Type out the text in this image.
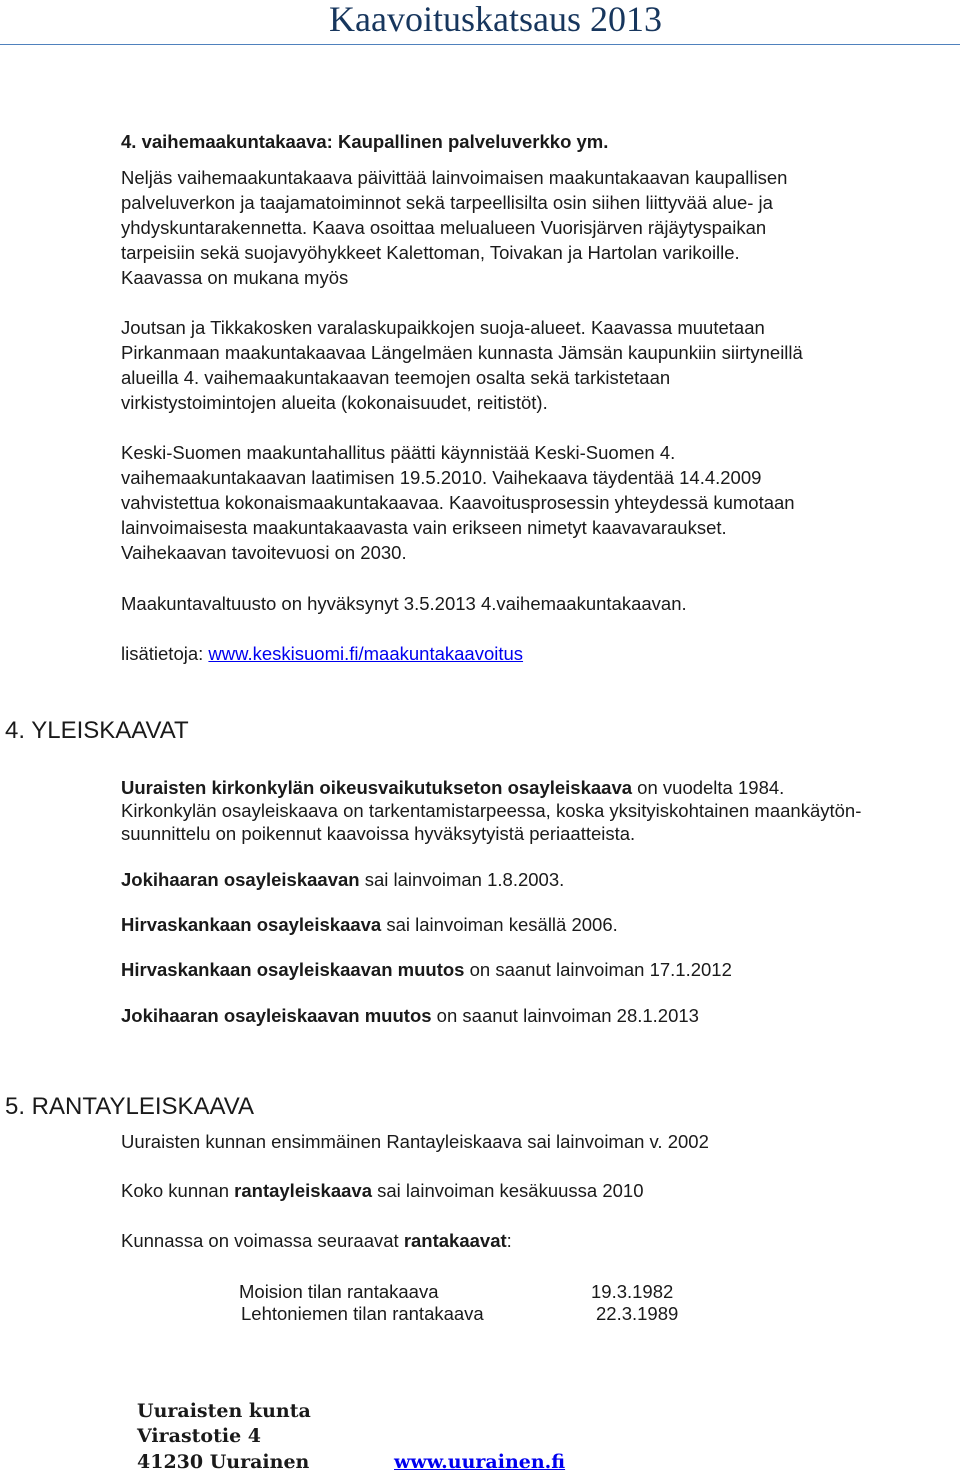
Kaavoituskatsaus 2013

4. vaihemaakuntakaava: Kaupallinen palveluverkko ym.

Neljäs vaihemaakuntakaava päivittää lainvoimaisen maakuntakaavan kaupallisen

palveluverkon ja taajamatoiminnot sekä tarpeellisilta osin siihen liittyvää alue- ja

yhdyskuntarakennetta. Kaava osoittaa melualueen Vuorisjärven räjäytyspaikan

tarpeisiin sekä suojavyöhykkeet Kalettoman, Toivakan ja Hartolan varikoille.

Kaavassa on mukana myös

Joutsan ja Tikkakosken varalaskupaikkojen suoja-alueet. Kaavassa muutetaan

Pirkanmaan maakuntakaavaa Längelmäen kunnasta Jämsän kaupunkiin siirtyneillä

alueilla 4. vaihemaakuntakaavan teemojen osalta sekä tarkistetaan

virkistystoimintojen alueita (kokonaisuudet, reitistöt).

Keski-Suomen maakuntahallitus päätti käynnistää Keski-Suomen 4.

vaihemaakuntakaavan laatimisen 19.5.2010. Vaihekaava täydentää 14.4.2009

vahvistettua kokonaismaakuntakaavaa. Kaavoitusprosessin yhteydessä kumotaan

lainvoimaisesta maakuntakaavasta vain erikseen nimetyt kaavavaraukset.

Vaihekaavan tavoitevuosi on 2030.

Maakuntavaltuusto on hyväksynyt 3.5.2013 4.vaihemaakuntakaavan.

lisätietoja: www.keskisuomi.fi/maakuntakaavoitus

4. YLEISKAAVAT

Uuraisten kirkonkylän oikeusvaikutukseton osayleiskaava on vuodelta 1984.

Kirkonkylän osayleiskaava on tarkentamistarpeessa, koska yksityiskohtainen maankäytön-

suunnittelu on poikennut kaavoissa hyväksytyistä periaatteista.

Jokihaaran osayleiskaavan sai lainvoiman 1.8.2003.

Hirvaskankaan osayleiskaava sai lainvoiman kesällä 2006.

Hirvaskankaan osayleiskaavan muutos on saanut lainvoiman 17.1.2012

Jokihaaran osayleiskaavan muutos on saanut lainvoiman 28.1.2013

5. RANTAYLEISKAAVA

Uuraisten kunnan ensimmäinen Rantayleiskaava sai lainvoiman v. 2002

Koko kunnan rantayleiskaava sai lainvoiman kesäkuussa 2010

Kunnassa on voimassa seuraavat rantakaavat:

Moision tilan rantakaava	19.3.1982

Lehtoniemen tilan rantakaava	22.3.1989

Uuraisten kunta

Virastotie 4

41230 Uurainen	www.uurainen.fi
